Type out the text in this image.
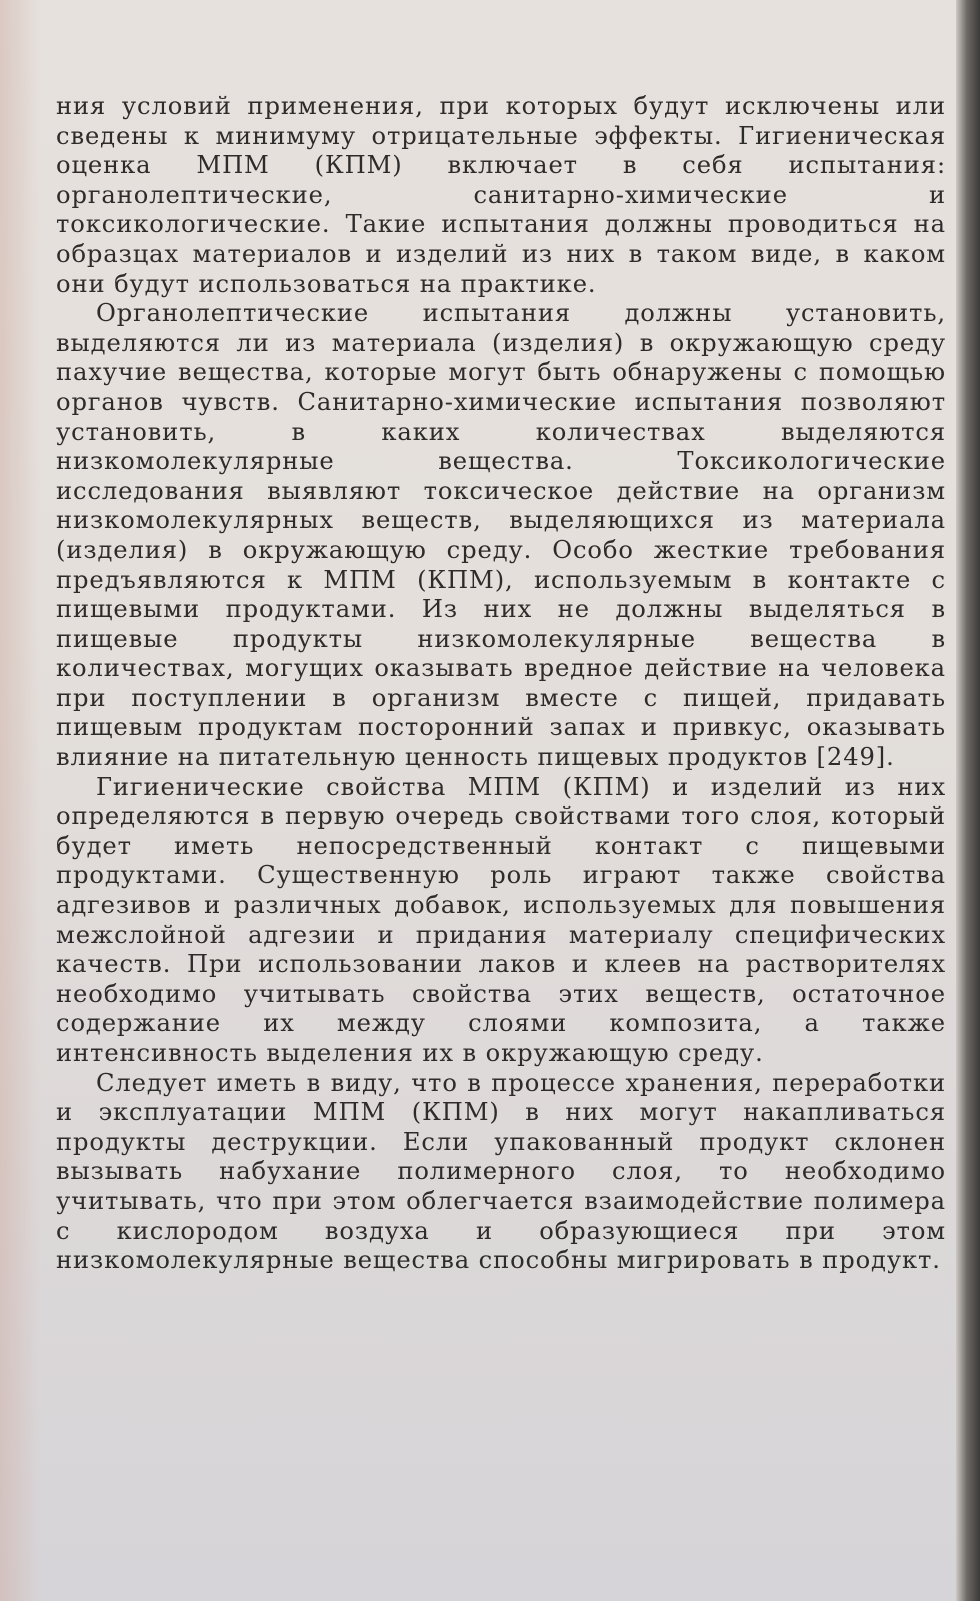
ния условий применения, при которых будут исключены или сведены к минимуму отрицательные эффекты. Гигиеническая оценка МПМ (КПМ) включает в себя испытания: органолептические, санитарно-химические и токсикологические. Такие испытания должны проводиться на образцах материалов и изделий из них в таком виде, в каком они будут использоваться на практике.

Органолептические испытания должны установить, выделяются ли из материала (изделия) в окружающую среду пахучие вещества, которые могут быть обнаружены с помощью органов чувств. Санитарно-химические испытания позволяют установить, в каких количествах выделяются низкомолекулярные вещества. Токсикологические исследования выявляют токсическое действие на организм низкомолекулярных веществ, выделяющихся из материала (изделия) в окружающую среду. Особо жесткие требования предъявляются к МПМ (КПМ), используемым в контакте с пищевыми продуктами. Из них не должны выделяться в пищевые продукты низкомолекулярные вещества в количествах, могущих оказывать вредное действие на человека при поступлении в организм вместе с пищей, придавать пищевым продуктам посторонний запах и привкус, оказывать влияние на питательную ценность пищевых продуктов [249].

Гигиенические свойства МПМ (КПМ) и изделий из них определяются в первую очередь свойствами того слоя, который будет иметь непосредственный контакт с пищевыми продуктами. Существенную роль играют также свойства адгезивов и различных добавок, используемых для повышения межслойной адгезии и придания материалу специфических качеств. При использовании лаков и клеев на растворителях необходимо учитывать свойства этих веществ, остаточное содержание их между слоями композита, а также интенсивность выделения их в окружающую среду.

Следует иметь в виду, что в процессе хранения, переработки и эксплуатации МПМ (КПМ) в них могут накапливаться продукты деструкции. Если упакованный продукт склонен вызывать набухание полимерного слоя, то необходимо учитывать, что при этом облегчается взаимодействие полимера с кислородом воздуха и образующиеся при этом низкомолекулярные вещества способны мигрировать в продукт.
